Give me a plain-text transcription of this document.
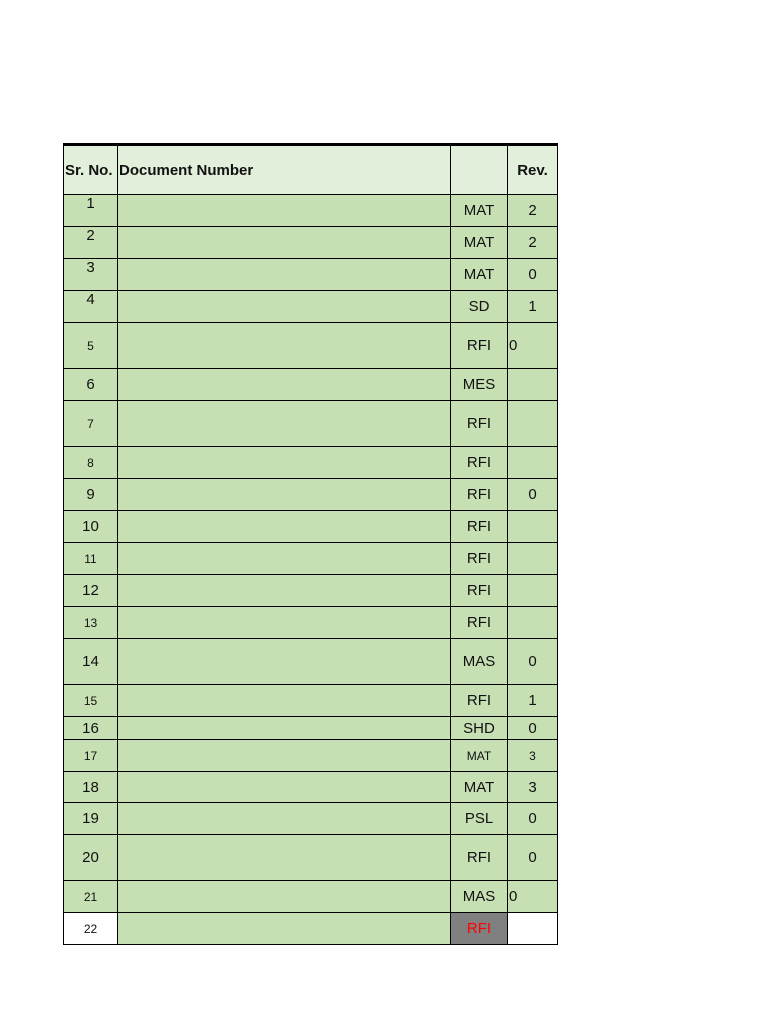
Sr. No.	Document Number		Rev.
1		MAT	2
2		MAT	2
3		MAT	0
4		SD	1
5		RFI	0
6		MES	
7		RFI	
8		RFI	
9		RFI	0
10		RFI	
11		RFI	
12		RFI	
13		RFI	
14		MAS	0
15		RFI	1
16		SHD	0
17		MAT	3
18		MAT	3
19		PSL	0
20		RFI	0
21		MAS	0
22		RFI	
